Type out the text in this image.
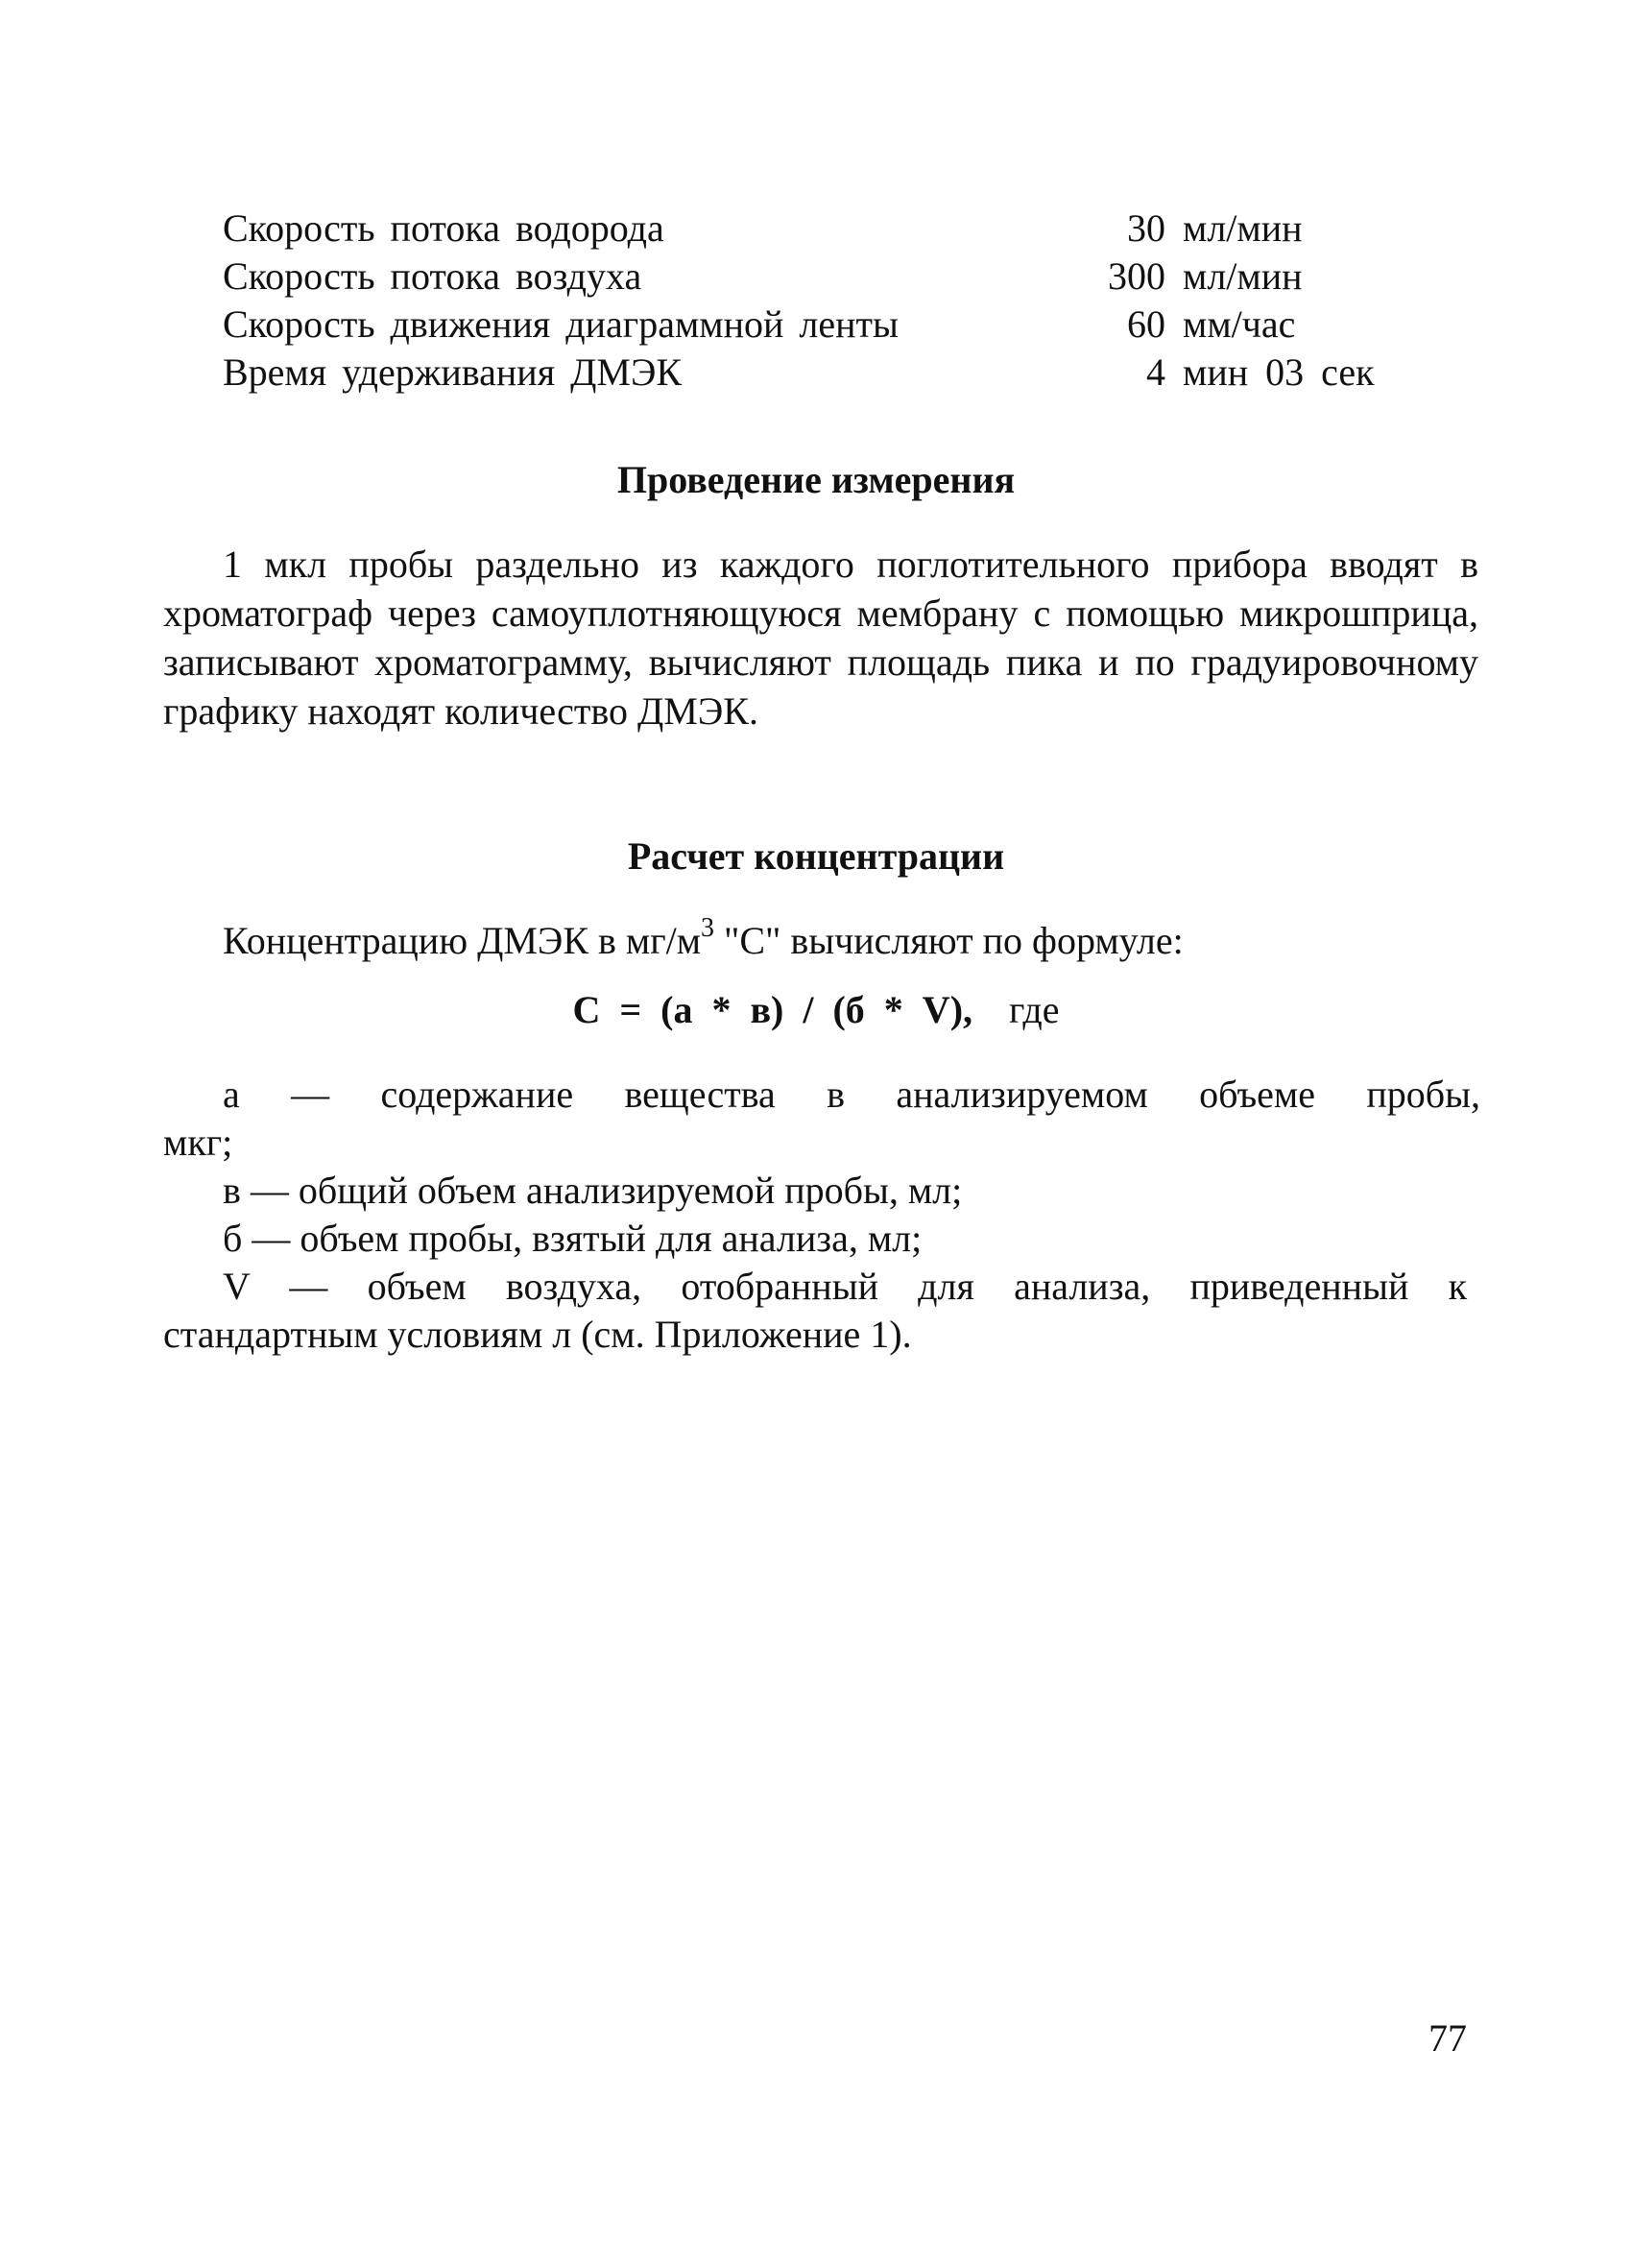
Скорость потока водорода	30 мл/мин
Скорость потока воздуха	300 мл/мин
Скорость движения диаграммной ленты	60 мм/час
Время удерживания ДМЭК	4 мин 03 сек
Проведение измерения

1 мкл пробы раздельно из каждого поглотительного прибора вводят в хроматограф через самоуплотняющуюся мембрану с помощью микрошприца, записывают хроматограмму, вычисляют площадь пика и по градуировочному графику находят количество ДМЭК.

Расчет концентрации
Концентрацию ДМЭК в $мг/м^3$ "С" вычисляют по формуле:
С = (а * в) / (б * V), где
а — содержание вещества в анализируемом объеме пробы,
мкг;
в — общий объем анализируемой пробы, мл;
б — объем пробы, взятый для анализа, мл;
V — объем воздуха, отобранный для анализа, приведенный к
стандартным условиям л (см. Приложение 1).
77
